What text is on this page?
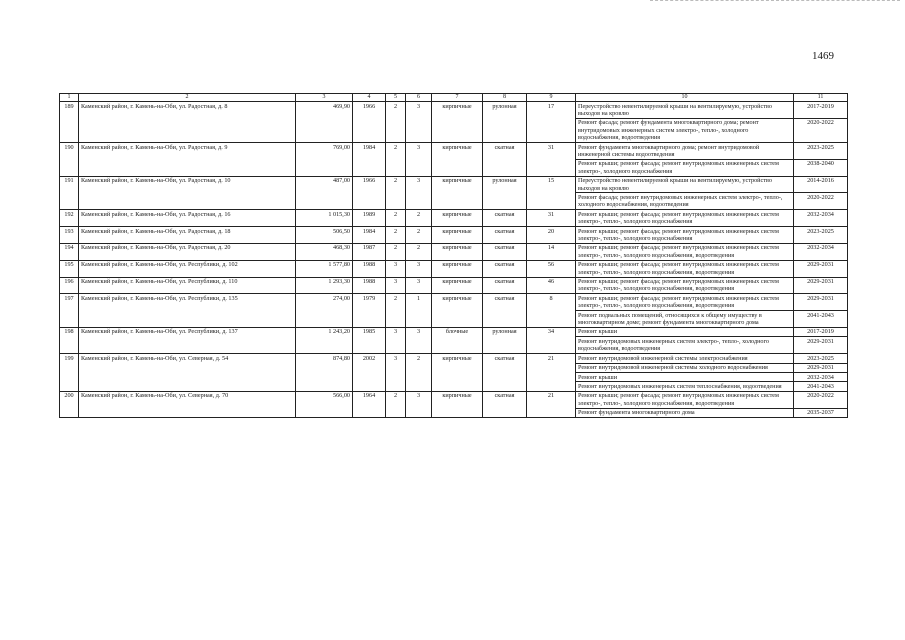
1469
1	2	3	4	5	6	7	8	9	10	11
189	Каменский район, г. Камень-на-Оби, ул. Радостная, д. 8	469,90	1966	2	3	кирпичные	рулонная	17	Переустройство невентилируемой крыши на вентилируемую, устройство выходов на кровлю	2017-2019
									Ремонт фасада; ремонт фундамента многоквартирного дома; ремонт внутридомовых инженерных систем электро-, тепло-, холодного водоснабжения, водоотведения	2020-2022
190	Каменский район, г. Камень-на-Оби, ул. Радостная, д. 9	769,00	1984	2	3	кирпичные	скатная	31	Ремонт фундамента многоквартирного дома; ремонт внутридомовой инженерной системы водоотведения	2023-2025
									Ремонт крыши; ремонт фасада; ремонт внутридомовых инженерных систем электро-, холодного водоснабжения	2038-2040
191	Каменский район, г. Камень-на-Оби, ул. Радостная, д. 10	487,00	1966	2	3	кирпичные	рулонная	15	Переустройство невентилируемой крыши на вентилируемую, устройство выходов на кровлю	2014-2016
									Ремонт фасада; ремонт внутридомовых инженерных систем электро-, тепло-, холодного водоснабжения, водоотведения	2020-2022
192	Каменский район, г. Камень-на-Оби, ул. Радостная, д. 16	1 015,30	1989	2	2	кирпичные	скатная	31	Ремонт крыши; ремонт фасада; ремонт внутридомовых инженерных систем электро-, тепло-, холодного водоснабжения	2032-2034
193	Каменский район, г. Камень-на-Оби, ул. Радостная, д. 18	506,50	1984	2	2	кирпичные	скатная	20	Ремонт крыши; ремонт фасада; ремонт внутридомовых инженерных систем электро-, тепло-, холодного водоснабжения	2023-2025
194	Каменский район, г. Камень-на-Оби, ул. Радостная, д. 20	468,30	1987	2	2	кирпичные	скатная	14	Ремонт крыши; ремонт фасада; ремонт внутридомовых инженерных систем электро-, тепло-, холодного водоснабжения, водоотведения	2032-2034
195	Каменский район, г. Камень-на-Оби, ул. Республики, д. 102	1 577,80	1988	3	3	кирпичные	скатная	56	Ремонт крыши; ремонт фасада; ремонт внутридомовых инженерных систем электро-, тепло-, холодного водоснабжения, водоотведения	2029-2031
196	Каменский район, г. Камень-на-Оби, ул. Республики, д. 110	1 293,30	1988	3	3	кирпичные	скатная	46	Ремонт крыши; ремонт фасада; ремонт внутридомовых инженерных систем электро-, тепло-, холодного водоснабжения, водоотведения	2029-2031
197	Каменский район, г. Камень-на-Оби, ул. Республики, д. 135	274,00	1979	2	1	кирпичные	скатная	8	Ремонт крыши; ремонт фасада; ремонт внутридомовых инженерных систем электро-, тепло-, холодного водоснабжения, водоотведения	2029-2031
									Ремонт подвальных помещений, относящихся к общему имуществу в многоквартирном доме; ремонт фундамента многоквартирного дома	2041-2043
198	Каменский район, г. Камень-на-Оби, ул. Республики, д. 137	1 243,20	1985	3	3	блочные	рулонная	34	Ремонт крыши	2017-2019
									Ремонт внутридомовых инженерных систем электро-, тепло-, холодного водоснабжения, водоотведения	2029-2031
199	Каменский район, г. Камень-на-Оби, ул. Северная, д. 54	874,80	2002	3	2	кирпичные	скатная	21	Ремонт внутридомовой инженерной системы электроснабжения	2023-2025
									Ремонт внутридомовой инженерной системы холодного водоснабжения	2029-2031
									Ремонт крыши	2032-2034
									Ремонт внутридомовых инженерных систем теплоснабжения, водоотведения	2041-2043
200	Каменский район, г. Камень-на-Оби, ул. Северная, д. 70	566,00	1964	2	3	кирпичные	скатная	21	Ремонт крыши; ремонт фасада; ремонт внутридомовых инженерных систем электро-, тепло-, холодного водоснабжения, водоотведения	2020-2022
									Ремонт фундамента многоквартирного дома	2035-2037
